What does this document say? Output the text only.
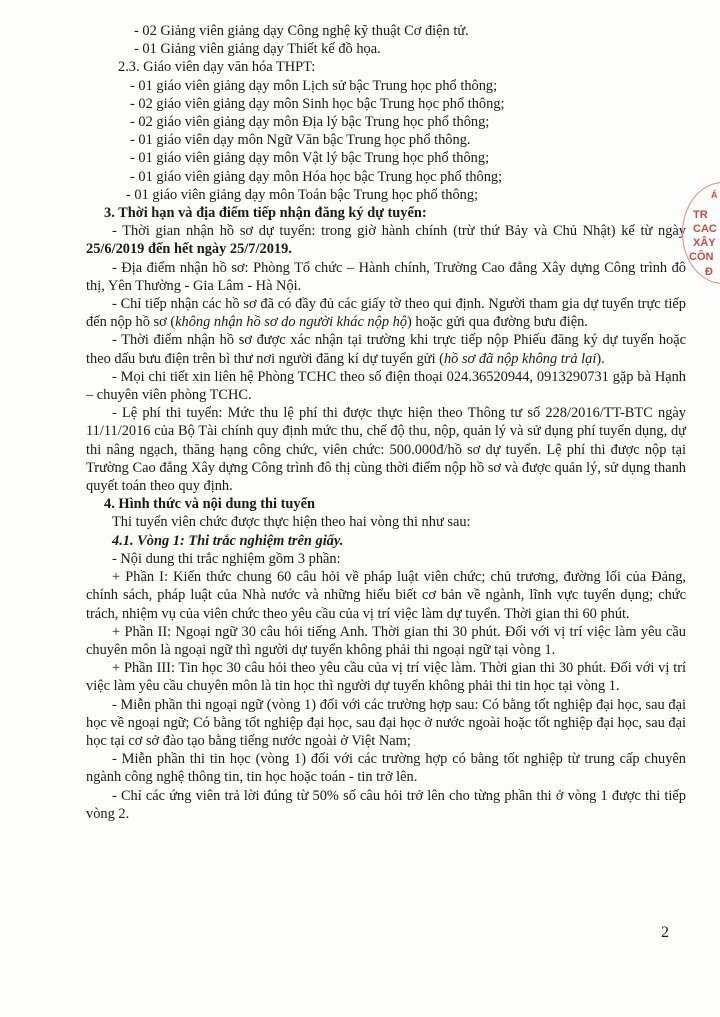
- 02 Giảng viên giảng dạy Công nghệ kỹ thuật Cơ điện tử.

- 01 Giảng viên giảng dạy Thiết kế đồ họa.

2.3. Giáo viên dạy văn hóa THPT:

- 01 giáo viên giảng dạy môn Lịch sử bậc Trung học phổ thông;

- 02 giáo viên giảng dạy môn Sinh học bậc Trung học phổ thông;

- 02 giáo viên giảng dạy môn Địa lý bậc Trung học phổ thông;

- 01 giáo viên dạy môn Ngữ Văn bậc Trung học phổ thông.

- 01 giáo viên giảng dạy môn Vật lý bậc Trung học phổ thông;

- 01 giáo viên giảng dạy môn Hóa học bậc Trung học phổ thông;

- 01 giáo viên giảng dạy môn Toán bậc Trung học phổ thông;

3. Thời hạn và địa điểm tiếp nhận đăng ký dự tuyển:

- Thời gian nhận hồ sơ dự tuyển: trong giờ hành chính (trừ thứ Bảy và Chủ Nhật) kể từ ngày 25/6/2019 đến hết ngày 25/7/2019.

- Địa điểm nhận hồ sơ: Phòng Tổ chức – Hành chính, Trường Cao đẳng Xây dựng Công trình đô thị, Yên Thường - Gia Lâm - Hà Nội.

- Chỉ tiếp nhận các hồ sơ đã có đầy đủ các giấy tờ theo qui định. Người tham gia dự tuyển trực tiếp đến nộp hồ sơ (không nhận hồ sơ do người khác nộp hộ) hoặc gửi qua đường bưu điện.

- Thời điểm nhận hồ sơ được xác nhận tại trường khi trực tiếp nộp Phiếu đăng ký dự tuyển hoặc theo dấu bưu điện trên bì thư nơi người đăng kí dự tuyển gửi (hồ sơ đã nộp không trả lại).

- Mọi chi tiết xin liên hệ Phòng TCHC theo số điện thoại 024.36520944, 0913290731 gặp bà Hạnh – chuyên viên phòng TCHC.

- Lệ phí thi tuyển: Mức thu lệ phí thi được thực hiện theo Thông tư số 228/2016/TT-BTC ngày 11/11/2016 của Bộ Tài chính quy định mức thu, chế độ thu, nộp, quản lý và sử dụng phí tuyển dụng, dự thi nâng ngạch, thăng hạng công chức, viên chức: 500.000đ/hồ sơ dự tuyển. Lệ phí thi được nộp tại Trường Cao đẳng Xây dựng Công trình đô thị cùng thời điểm nộp hồ sơ và được quản lý, sử dụng thanh quyết toán theo quy định.

4. Hình thức và nội dung thi tuyển

Thi tuyển viên chức được thực hiện theo hai vòng thi như sau:

4.1. Vòng 1: Thi trắc nghiệm trên giấy.

- Nội dung thi trắc nghiệm gồm 3 phần:

+ Phần I: Kiến thức chung 60 câu hỏi về pháp luật viên chức; chủ trương, đường lối của Đảng, chính sách, pháp luật của Nhà nước và những hiểu biết cơ bản về ngành, lĩnh vực tuyển dụng; chức trách, nhiệm vụ của viên chức theo yêu cầu của vị trí việc làm dự tuyển. Thời gian thi 60 phút.

+ Phần II: Ngoại ngữ 30 câu hỏi tiếng Anh. Thời gian thi 30 phút. Đối với vị trí việc làm yêu cầu chuyên môn là ngoại ngữ thì người dự tuyển không phải thi ngoại ngữ tại vòng 1.

+ Phần III: Tin học 30 câu hỏi theo yêu cầu của vị trí việc làm. Thời gian thi 30 phút. Đối với vị trí việc làm yêu cầu chuyên môn là tin học thì người dự tuyển không phải thi tin học tại vòng 1.

- Miễn phần thi ngoại ngữ (vòng 1) đối với các trường hợp sau: Có bằng tốt nghiệp đại học, sau đại học về ngoại ngữ; Có bằng tốt nghiệp đại học, sau đại học ở nước ngoài hoặc tốt nghiệp đại học, sau đại học tại cơ sở đào tạo bằng tiếng nước ngoài ở Việt Nam;

- Miễn phần thi tin học (vòng 1) đối với các trường hợp có bằng tốt nghiệp từ trung cấp chuyên ngành công nghệ thông tin, tin học hoặc toán - tin trở lên.

- Chỉ các ứng viên trả lời đúng từ 50% số câu hỏi trở lên cho từng phần thi ở vòng 1 được thi tiếp vòng 2.

Á
TR
CAC
XÂY
CÔN
Đ
2
